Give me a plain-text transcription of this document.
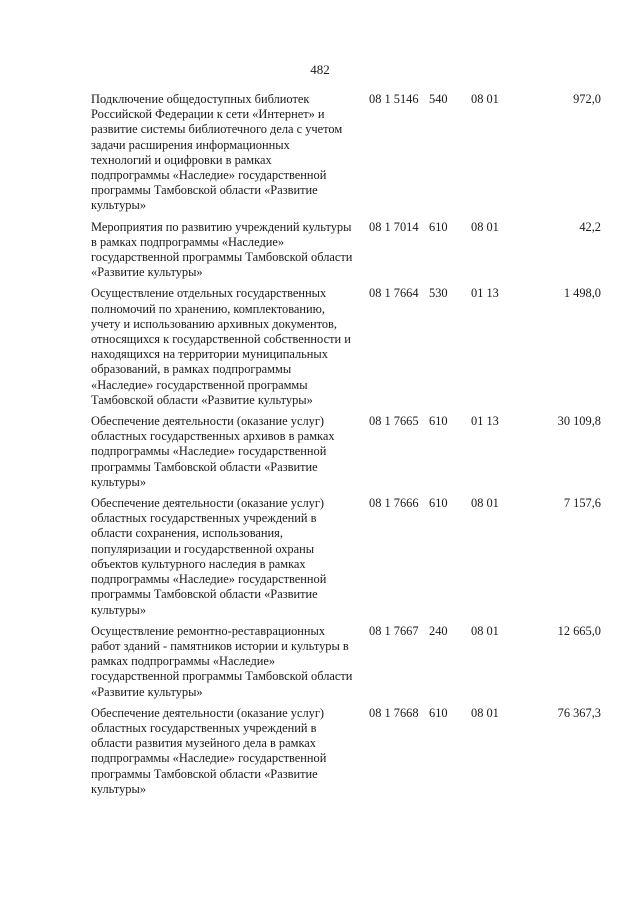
482
Подключение общедоступных библиотек Российской Федерации к сети «Интернет» и развитие системы библиотечного дела с учетом задачи расширения информационных технологий и оцифровки в рамках подпрограммы «Наследие» государственной программы Тамбовской области «Развитие культуры»	08 1 5146	540	08 01	972,0
Мероприятия по развитию учреждений культуры в рамках подпрограммы «Наследие» государственной программы Тамбовской области «Развитие культуры»	08 1 7014	610	08 01	42,2
Осуществление отдельных государственных полномочий по хранению, комплектованию, учету и использованию архивных документов, относящихся к государственной собственности и находящихся на территории муниципальных образований, в рамках подпрограммы «Наследие» государственной программы Тамбовской области «Развитие культуры»	08 1 7664	530	01 13	1 498,0
Обеспечение деятельности (оказание услуг) областных государственных архивов в рамках подпрограммы «Наследие» государственной программы Тамбовской области «Развитие культуры»	08 1 7665	610	01 13	30 109,8
Обеспечение деятельности (оказание услуг) областных государственных учреждений в области сохранения, использования, популяризации и государственной охраны объектов культурного наследия в рамках подпрограммы «Наследие» государственной программы Тамбовской области «Развитие культуры»	08 1 7666	610	08 01	7 157,6
Осуществление ремонтно-реставрационных работ зданий - памятников истории и культуры в рамках подпрограммы «Наследие» государственной программы Тамбовской области «Развитие культуры»	08 1 7667	240	08 01	12 665,0
Обеспечение деятельности (оказание услуг) областных государственных учреждений в области развития музейного дела в рамках подпрограммы «Наследие» государственной программы Тамбовской области «Развитие культуры»	08 1 7668	610	08 01	76 367,3
